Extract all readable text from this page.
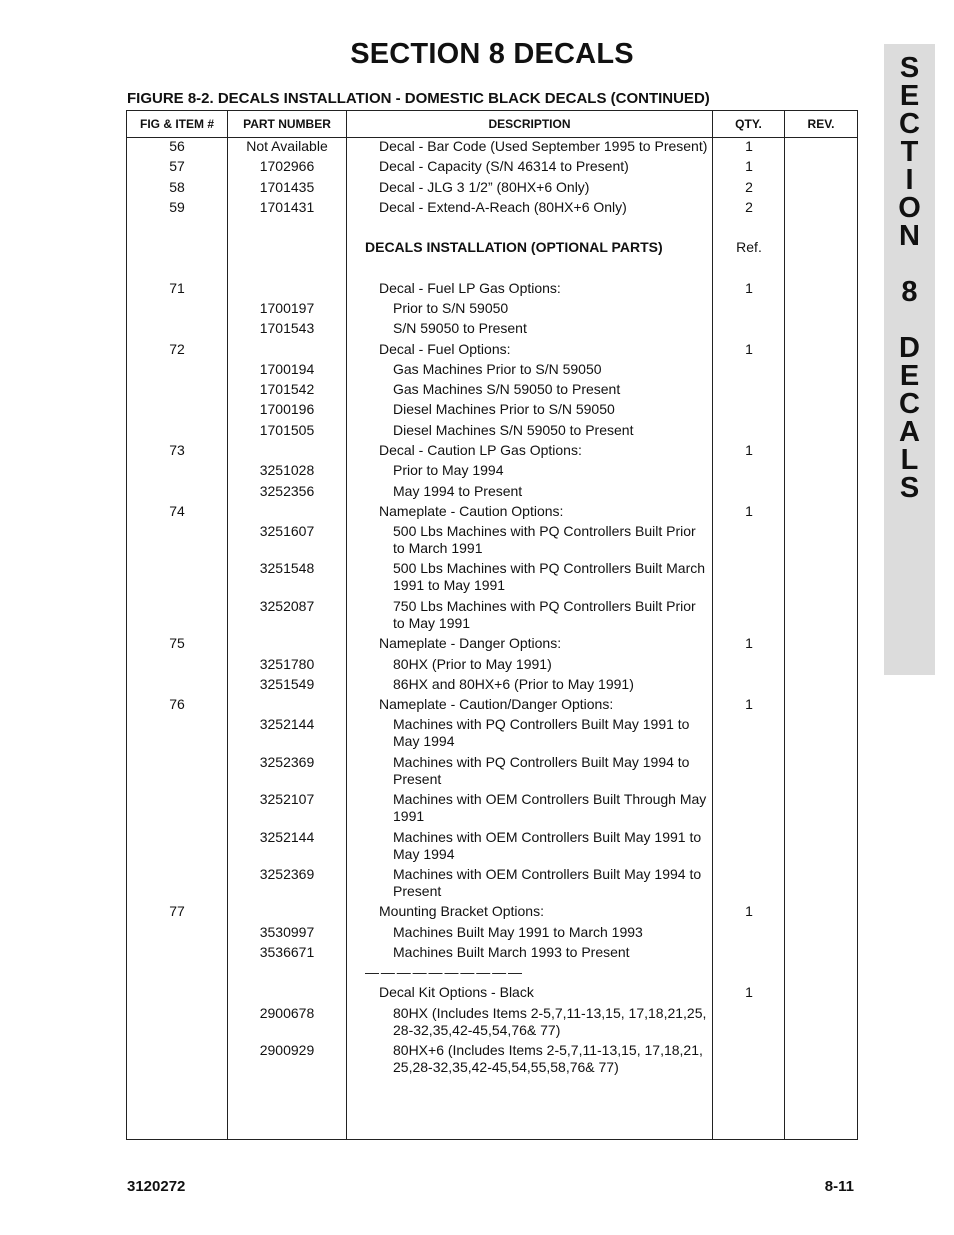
SECTION 8 DECALS
FIGURE 8-2. DECALS INSTALLATION - DOMESTIC BLACK DECALS (CONTINUED)
S
E
C
T
I
O
N
8
D
E
C
A
L
S
FIG & ITEM #	PART NUMBER	DESCRIPTION	QTY.	REV.
56	Not Available	Decal - Bar Code (Used September 1995 to Present)	1
57	1702966	Decal - Capacity (S/N 46314 to Present)	1
58	1701435	Decal - JLG 3 1/2” (80HX+6 Only)	2
59	1701431	Decal - Extend-A-Reach (80HX+6 Only)	2
DECALS INSTALLATION (OPTIONAL PARTS)	Ref.
71	Decal - Fuel LP Gas Options:	1
1700197	Prior to S/N 59050
1701543	S/N 59050 to Present
72	Decal - Fuel Options:	1
1700194	Gas Machines Prior to S/N 59050
1701542	Gas Machines S/N 59050 to Present
1700196	Diesel Machines Prior to S/N 59050
1701505	Diesel Machines S/N 59050 to Present
73	Decal - Caution LP Gas Options:	1
3251028	Prior to May 1994
3252356	May 1994 to Present
74	Nameplate - Caution Options:	1
3251607	500 Lbs Machines with PQ Controllers Built Prior to March 1991
3251548	500 Lbs Machines with PQ Controllers Built March 1991 to May 1991
3252087	750 Lbs Machines with PQ Controllers Built Prior to May 1991
75	Nameplate - Danger Options:	1
3251780	80HX (Prior to May 1991)
3251549	86HX and 80HX+6 (Prior to May 1991)
76	Nameplate - Caution/Danger Options:	1
3252144	Machines with PQ Controllers Built May 1991 to May 1994
3252369	Machines with PQ Controllers Built May 1994 to Present
3252107	Machines with OEM Controllers Built Through May 1991
3252144	Machines with OEM Controllers Built May 1991 to May 1994
3252369	Machines with OEM Controllers Built May 1994 to Present
77	Mounting Bracket Options:	1
3530997	Machines Built May 1991 to March 1993
3536671	Machines Built March 1993 to Present
— — — — — — — — — —
Decal Kit Options - Black	1
2900678	80HX (Includes Items 2-5,7,11-13,15, 17,18,21,25, 28-32,35,42-45,54,76& 77)
2900929	80HX+6 (Includes Items 2-5,7,11-13,15, 17,18,21, 25,28-32,35,42-45,54,55,58,76& 77)
3120272	8-11
